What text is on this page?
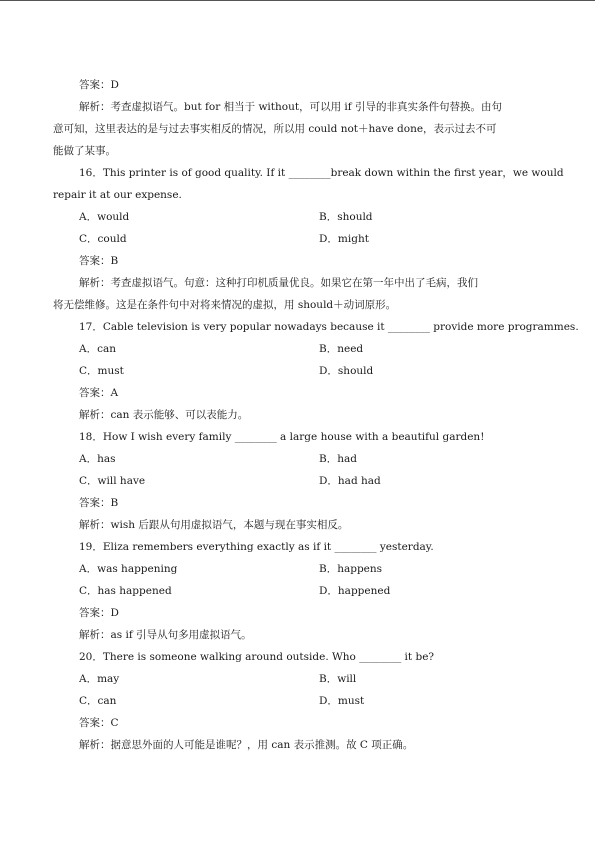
答案：D
解析：考查虚拟语气。but for 相当于 without，可以用 if 引导的非真实条件句替换。由句
意可知，这里表达的是与过去事实相反的情况，所以用 could not＋have done，表示过去不可
能做了某事。
16．This printer is of good quality. If it ________break down within the first year，we would
repair it at our expense.
A．would	B．should
C．could	D．might
答案：B
解析：考查虚拟语气。句意：这种打印机质量优良。如果它在第一年中出了毛病，我们
将无偿维修。这是在条件句中对将来情况的虚拟，用 should＋动词原形。
17．Cable television is very popular nowadays because it ________ provide more programmes.
A．can	B．need
C．must	D．should
答案：A
解析：can 表示能够、可以表能力。
18．How I wish every family ________ a large house with a beautiful garden!
A．has	B．had
C．will have	D．had had
答案：B
解析：wish 后跟从句用虚拟语气，本题与现在事实相反。
19．Eliza remembers everything exactly as if it ________ yesterday.
A．was happening	B．happens
C．has happened	D．happened
答案：D
解析：as if 引导从句多用虚拟语气。
20．There is someone walking around outside. Who ________ it be?
A．may	B．will
C．can	D．must
答案：C
解析：据意思外面的人可能是谁呢？，用 can 表示推测。故 C 项正确。
